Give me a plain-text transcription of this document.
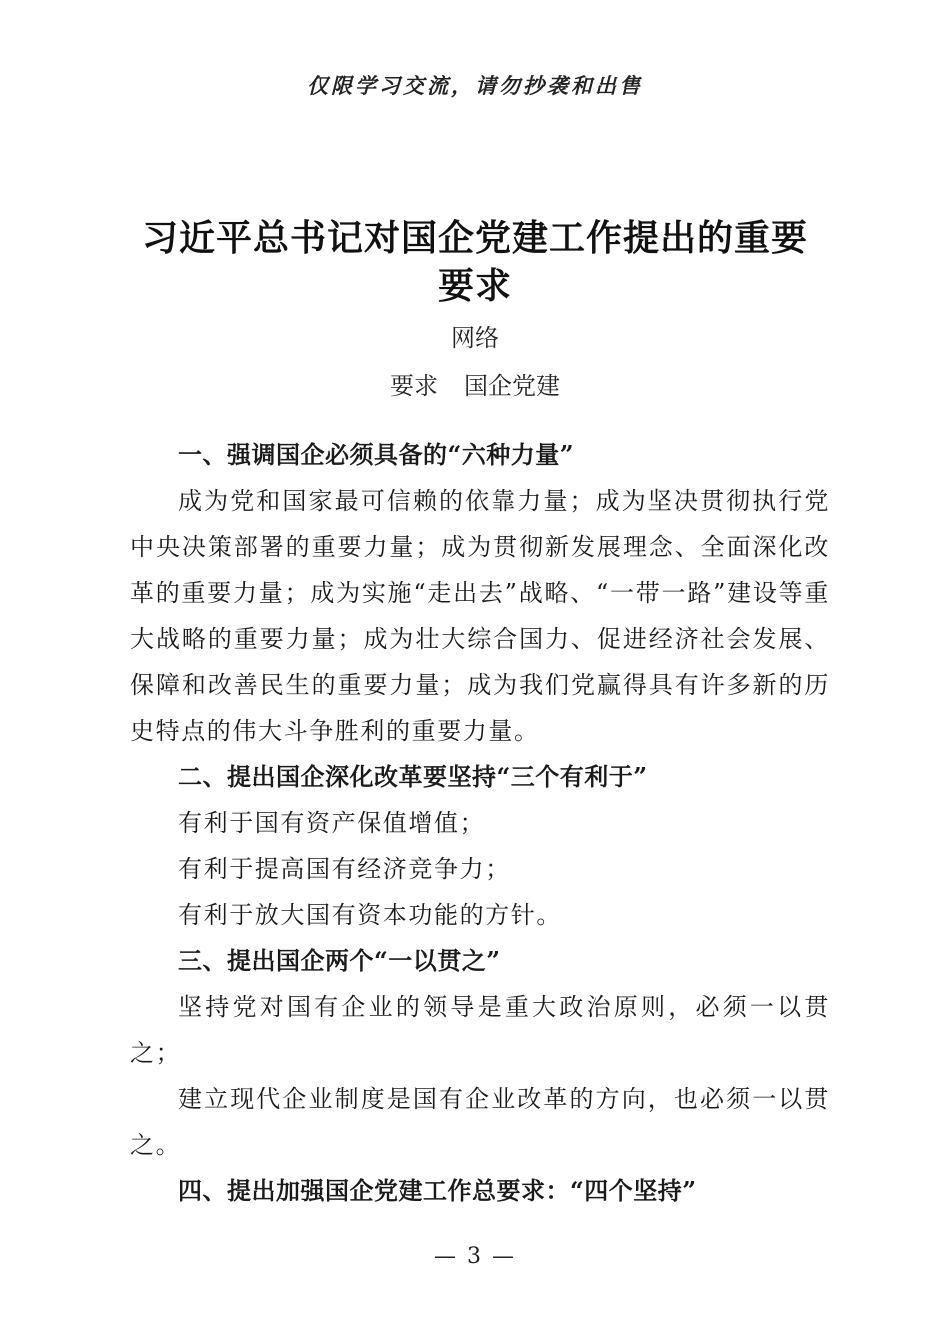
仅限学习交流，请勿抄袭和出售
习近平总书记对国企党建工作提出的重要要求
网络
要求 国企党建

一、强调国企必须具备的“六种力量”

成为党和国家最可信赖的依靠力量；成为坚决贯彻执行党中央决策部署的重要力量；成为贯彻新发展理念、全面深化改革的重要力量；成为实施“走出去”战略、“一带一路”建设等重大战略的重要力量；成为壮大综合国力、促进经济社会发展、保障和改善民生的重要力量；成为我们党赢得具有许多新的历史特点的伟大斗争胜利的重要力量。

二、提出国企深化改革要坚持“三个有利于”

有利于国有资产保值增值；

有利于提高国有经济竞争力；

有利于放大国有资本功能的方针。

三、提出国企两个“一以贯之”

坚持党对国有企业的领导是重大政治原则，必须一以贯之；

建立现代企业制度是国有企业改革的方向，也必须一以贯之。

四、提出加强国企党建工作总要求：“四个坚持”

— 3 —
